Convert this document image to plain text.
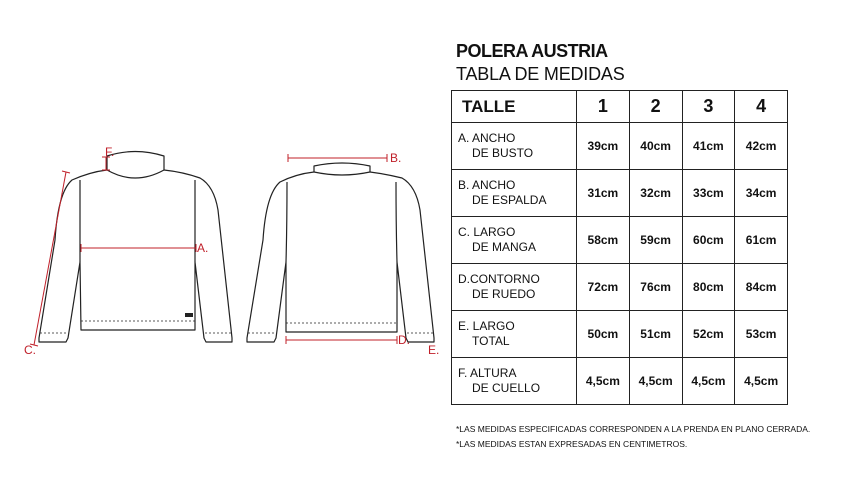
A.
B.
C.
D.
E.
F.
POLERA AUSTRIA
TABLA DE MEDIDAS
TALLE	1	2	3	4

A. ANCHO
DE BUSTO	39cm	40cm	41cm	42cm

B. ANCHO
DE ESPALDA	31cm	32cm	33cm	34cm

C. LARGO
DE MANGA	58cm	59cm	60cm	61cm

D.CONTORNO
DE RUEDO	72cm	76cm	80cm	84cm

E. LARGO
TOTAL	50cm	51cm	52cm	53cm

F. ALTURA
DE CUELLO	4,5cm	4,5cm	4,5cm	4,5cm
*LAS MEDIDAS ESPECIFICADAS CORRESPONDEN A LA PRENDA EN PLANO CERRADA.
*LAS MEDIDAS ESTAN EXPRESADAS EN CENTIMETROS.
